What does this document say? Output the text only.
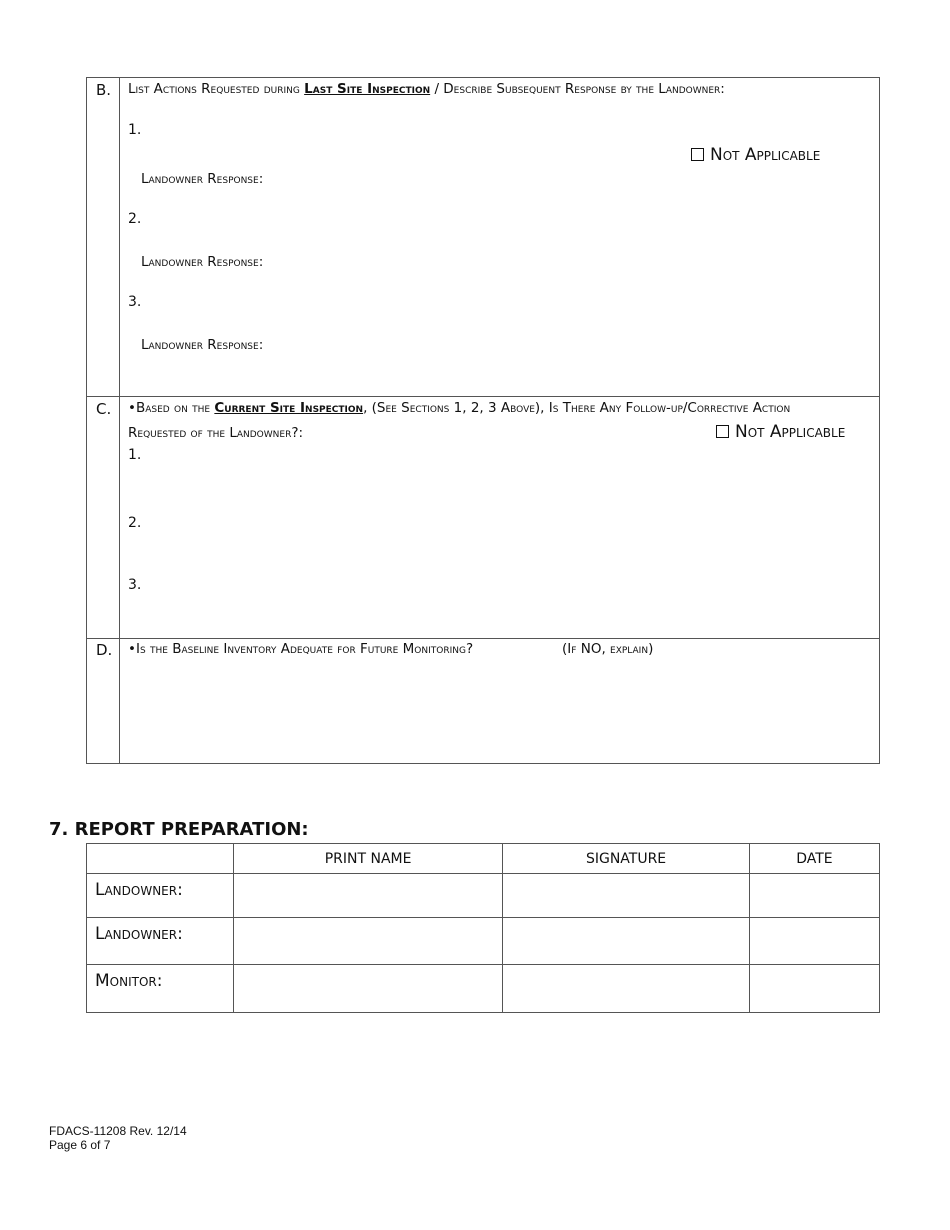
B. List Actions Requested during Last Site Inspection / Describe Subsequent Response by the Landowner:
1.
Not Applicable
Landowner Response:
2.
Landowner Response:
3.
Landowner Response:
C. •Based on the Current Site Inspection, (See Sections 1, 2, 3 Above), Is There Any Follow-up/Corrective Action
Requested of the Landowner?:	Not Applicable
1.
2.
3.
D. •Is the Baseline Inventory Adequate for Future Monitoring?	(If NO, explain)
7. REPORT PREPARATION:
	PRINT NAME	SIGNATURE	DATE
Landowner:			
Landowner:			
Monitor:			
FDACS-11208 Rev. 12/14
Page 6 of 7
